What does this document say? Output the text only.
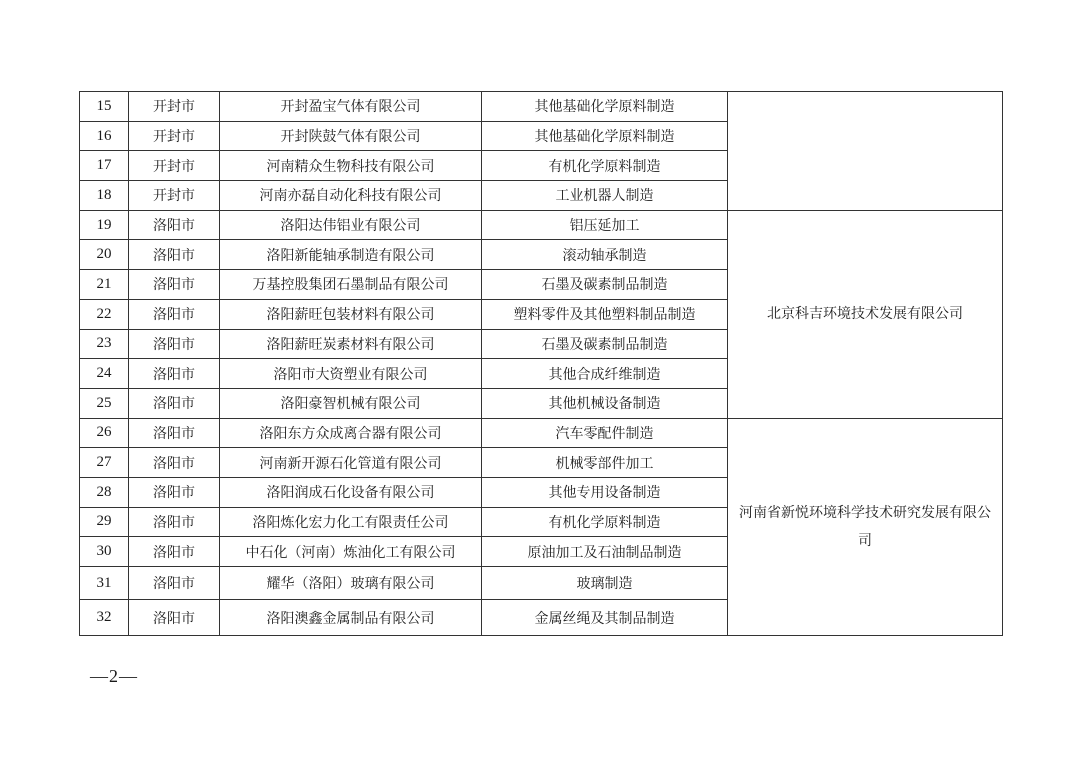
15	开封市	开封盈宝气体有限公司	其他基础化学原料制造	
16	开封市	开封陕鼓气体有限公司	其他基础化学原料制造	
17	开封市	河南精众生物科技有限公司	有机化学原料制造	
18	开封市	河南亦磊自动化科技有限公司	工业机器人制造	
19	洛阳市	洛阳达伟铝业有限公司	铝压延加工	北京科吉环境技术发展有限公司
20	洛阳市	洛阳新能轴承制造有限公司	滚动轴承制造	
21	洛阳市	万基控股集团石墨制品有限公司	石墨及碳素制品制造	
22	洛阳市	洛阳薪旺包装材料有限公司	塑料零件及其他塑料制品制造	
23	洛阳市	洛阳薪旺炭素材料有限公司	石墨及碳素制品制造	
24	洛阳市	洛阳市大资塑业有限公司	其他合成纤维制造	
25	洛阳市	洛阳豪智机械有限公司	其他机械设备制造	
26	洛阳市	洛阳东方众成离合器有限公司	汽车零配件制造	河南省新悦环境科学技术研究发展有限公司
27	洛阳市	河南新开源石化管道有限公司	机械零部件加工	
28	洛阳市	洛阳润成石化设备有限公司	其他专用设备制造	
29	洛阳市	洛阳炼化宏力化工有限责任公司	有机化学原料制造	
30	洛阳市	中石化（河南）炼油化工有限公司	原油加工及石油制品制造	
31	洛阳市	耀华（洛阳）玻璃有限公司	玻璃制造	
32	洛阳市	洛阳澳鑫金属制品有限公司	金属丝绳及其制品制造	
—2—
